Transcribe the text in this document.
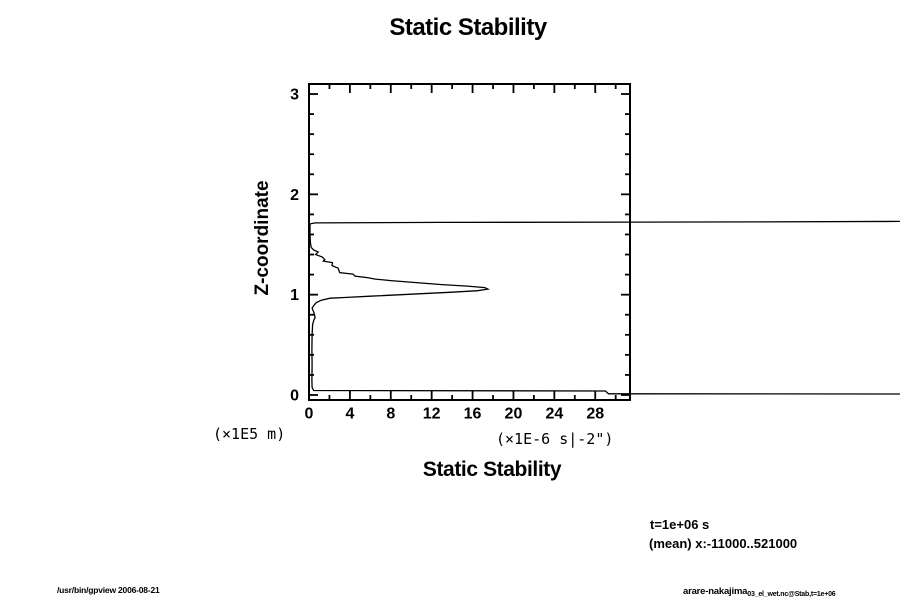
Static Stability
0 4 8 12 16 20 24 28
0
1
2
3
Z-coordinate
(×1E5 m)	(×1E-6 s|-2")
Static Stability
t=1e+06 s
(mean) x:-11000..521000
/usr/bin/gpview 2006-08-21	arare-nakajima$_{03\_el\_wet.nc@Stab,t=1e+06}$
